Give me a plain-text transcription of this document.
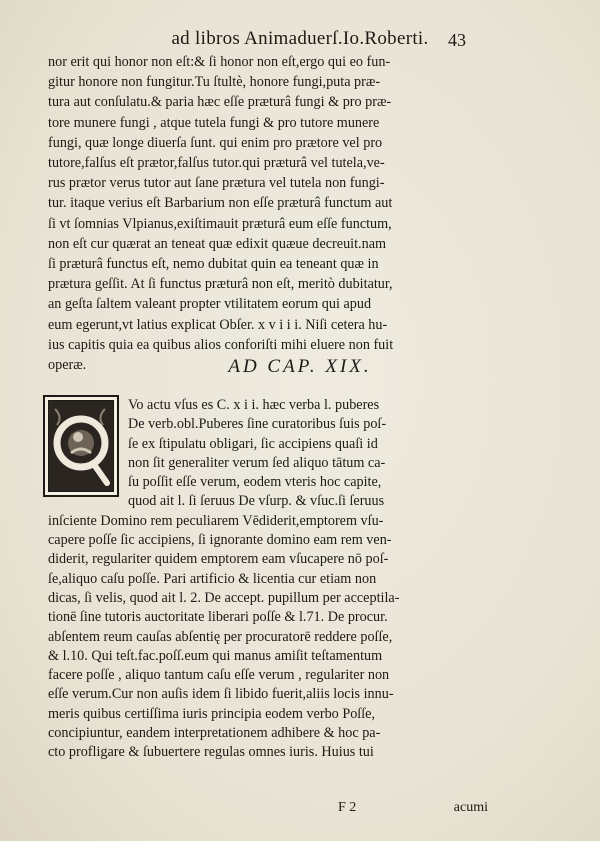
ad libros Animaduerſ.Io.Roberti.	43
nor erit qui honor non eſt:& ſi honor non eſt,ergo qui eo fun-
gitur honore non fungitur.Tu ſtultè, honore fungi,puta præ-
tura aut conſulatu.& paria hæc eſſe præturâ fungi & pro præ-
tore munere fungi , atque tutela fungi & pro tutore munere
fungi, quæ longe diuerſa ſunt. qui enim pro prætore vel pro
tutore,falſus eſt prætor,falſus tutor.qui præturâ vel tutela,ve-
rus prætor verus tutor aut ſane prætura vel tutela non fungi-
tur. itaque verius eſt Barbarium non eſſe præturâ functum aut
ſi vt ſomnias Vlpianus,exiſtimauit præturâ eum eſſe functum,
non eſt cur quærat an teneat quæ edixit quæue decreuit.nam
ſi præturâ functus eſt, nemo dubitat quin ea teneant quæ in
prætura geſſit. At ſi functus præturâ non eſt, meritò dubitatur,
an geſta ſaltem valeant propter vtilitatem eorum qui apud
eum egerunt,vt latius explicat Obſer. x v i i i. Niſi cetera hu-
ius capitis quia ea quibus alios conforiſti mihi eluere non fuit
operæ.	AD CAP. XIX.
Vo actu vſus es C. x i i. hæc verba l. puberes
De verb.obl.Puberes ſine curatoribus ſuis poſ-
ſe ex ſtipulatu obligari, ſic accipiens quaſi id
non ſit generaliter verum ſed aliquo tātum ca-
ſu poſſit eſſe verum, eodem vteris hoc capite,
quod ait l. ſi ſeruus De vſurp. & vſuc.ſi ſeruus
inſciente Domino rem peculiarem Vēdiderit,emptorem vſu-
capere poſſe ſic accipiens, ſi ignorante domino eam rem ven-
diderit, regulariter quidem emptorem eam vſucapere nō poſ-
ſe,aliquo caſu poſſe. Pari artificio & licentia cur etiam non
dicas, ſi velis, quod ait l. 2. De accept. pupillum per acceptila-
tionē ſine tutoris auctoritate liberari poſſe & l.71. De procur.
abſentem reum cauſas abſentię per procuratorē reddere poſſe,
& l.10. Qui teſt.fac.poſſ.eum qui manus amiſit teſtamentum
facere poſſe , aliquo tantum caſu eſſe verum , regulariter non
eſſe verum.Cur non auſis idem ſi libido fuerit,aliis locis innu-
meris quibus certiſſima iuris principia eodem verbo Poſſe,
concipiuntur, eandem interpretationem adhibere & hoc pa-
cto profligare & ſubuertere regulas omnes iuris. Huius tui
F 2	acumi
